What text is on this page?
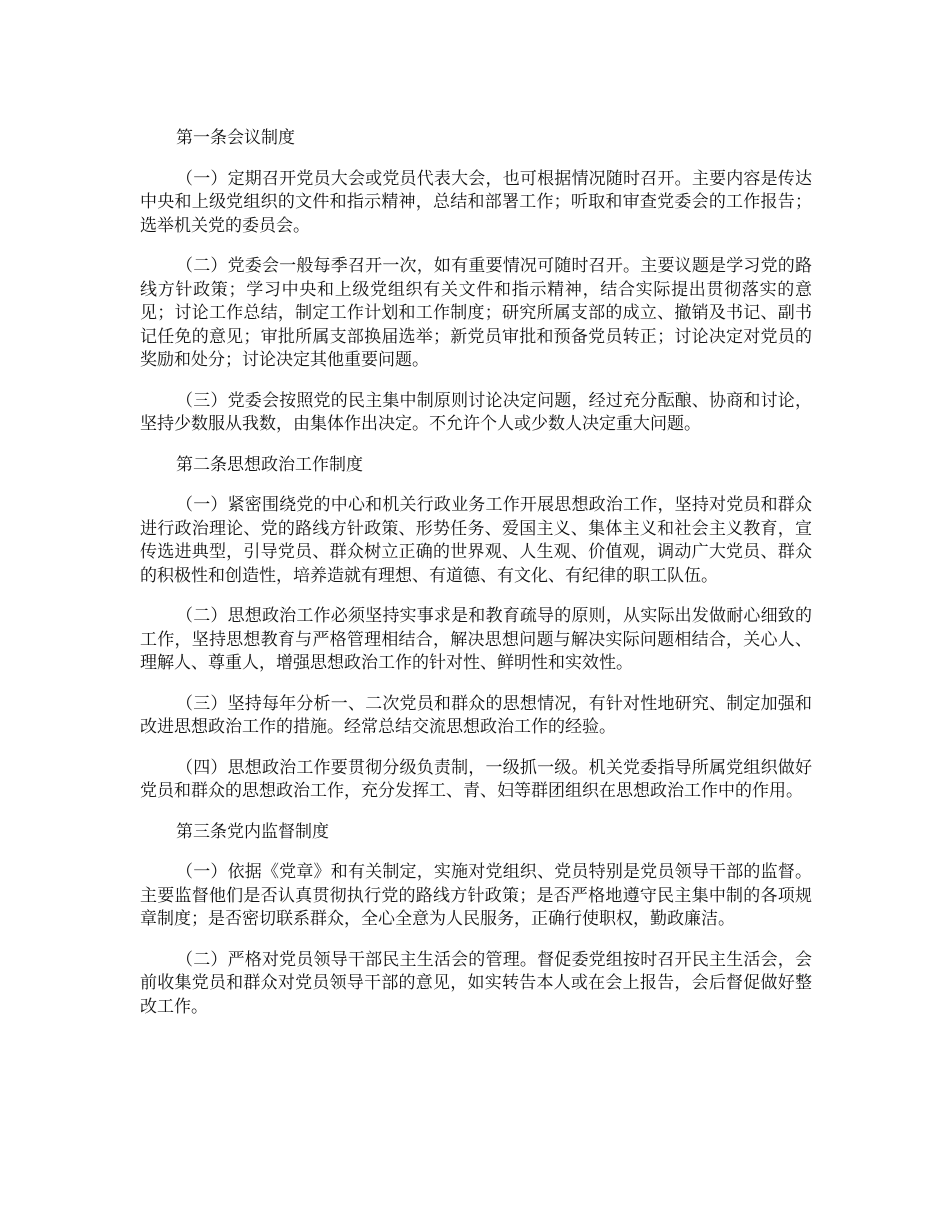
第一条会议制度

（一）定期召开党员大会或党员代表大会，也可根据情况随时召开。主要内容是传达中央和上级党组织的文件和指示精神，总结和部署工作；听取和审查党委会的工作报告；选举机关党的委员会。

（二）党委会一般每季召开一次，如有重要情况可随时召开。主要议题是学习党的路线方针政策；学习中央和上级党组织有关文件和指示精神，结合实际提出贯彻落实的意见；讨论工作总结，制定工作计划和工作制度；研究所属支部的成立、撤销及书记、副书记任免的意见；审批所属支部换届选举；新党员审批和预备党员转正；讨论决定对党员的奖励和处分；讨论决定其他重要问题。

（三）党委会按照党的民主集中制原则讨论决定问题，经过充分酝酿、协商和讨论，坚持少数服从我数，由集体作出决定。不允许个人或少数人决定重大问题。

第二条思想政治工作制度

（一）紧密围绕党的中心和机关行政业务工作开展思想政治工作，坚持对党员和群众进行政治理论、党的路线方针政策、形势任务、爱国主义、集体主义和社会主义教育，宣传选进典型，引导党员、群众树立正确的世界观、人生观、价值观，调动广大党员、群众的积极性和创造性，培养造就有理想、有道德、有文化、有纪律的职工队伍。

（二）思想政治工作必须坚持实事求是和教育疏导的原则，从实际出发做耐心细致的工作，坚持思想教育与严格管理相结合，解决思想问题与解决实际问题相结合，关心人、理解人、尊重人，增强思想政治工作的针对性、鲜明性和实效性。

（三）坚持每年分析一、二次党员和群众的思想情况，有针对性地研究、制定加强和改进思想政治工作的措施。经常总结交流思想政治工作的经验。

（四）思想政治工作要贯彻分级负责制，一级抓一级。机关党委指导所属党组织做好党员和群众的思想政治工作，充分发挥工、青、妇等群团组织在思想政治工作中的作用。

第三条党内监督制度

（一）依据《党章》和有关制定，实施对党组织、党员特别是党员领导干部的监督。主要监督他们是否认真贯彻执行党的路线方针政策；是否严格地遵守民主集中制的各项规章制度；是否密切联系群众，全心全意为人民服务，正确行使职权，勤政廉洁。

（二）严格对党员领导干部民主生活会的管理。督促委党组按时召开民主生活会，会前收集党员和群众对党员领导干部的意见，如实转告本人或在会上报告，会后督促做好整改工作。
